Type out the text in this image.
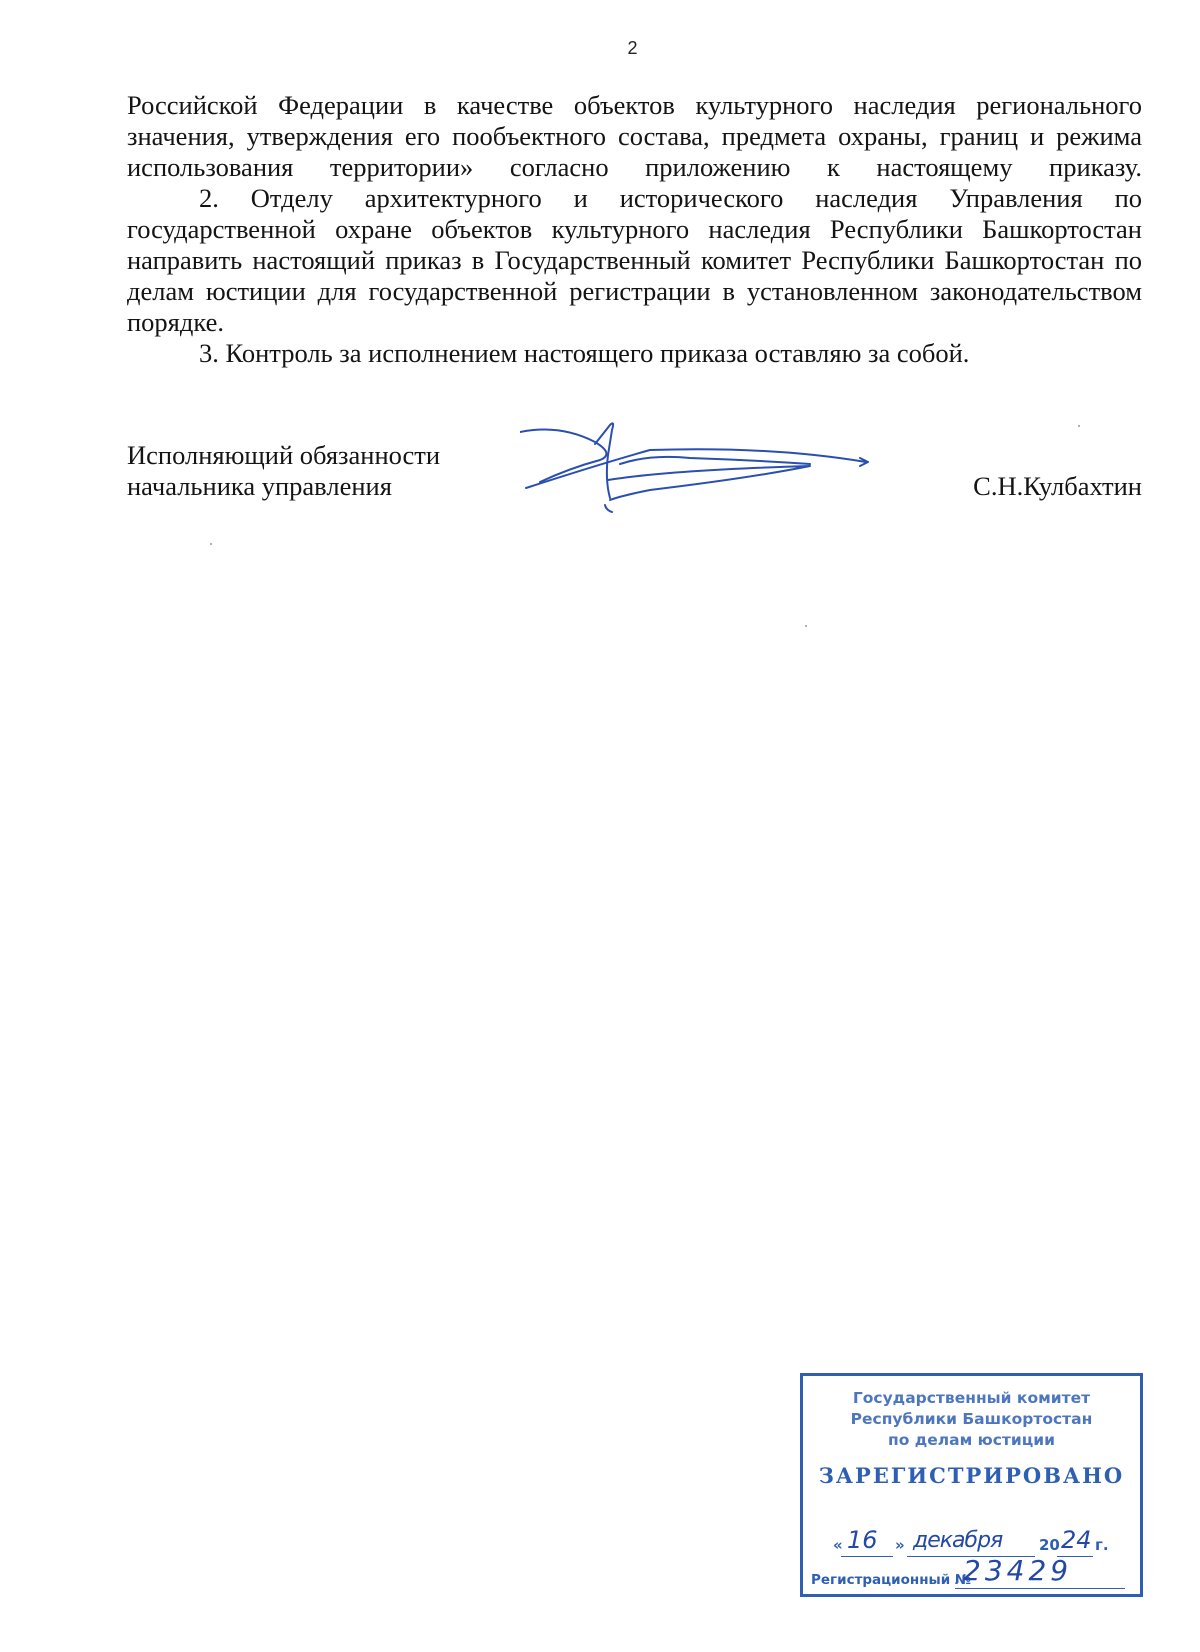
2

Российской Федерации в качестве объектов культурного наследия регионального значения, утверждения его пообъектного состава, предмета охраны, границ и режима использования территории» согласно приложению к настоящему приказу.

2. Отделу архитектурного и исторического наследия Управления по государственной охране объектов культурного наследия Республики Башкортостан направить настоящий приказ в Государственный комитет Республики Башкортостан по делам юстиции для государственной регистрации в установленном законодательством порядке.

3. Контроль за исполнением настоящего приказа оставляю за собой.

Исполняющий обязанности
начальника управления	С.Н.Кулбахтин
Государственный комитет
Республики Башкортостан
по делам юстиции
ЗАРЕГИСТРИРОВАНО
« 16 » декабря 20 24 г.
Регистрационный №
23429
